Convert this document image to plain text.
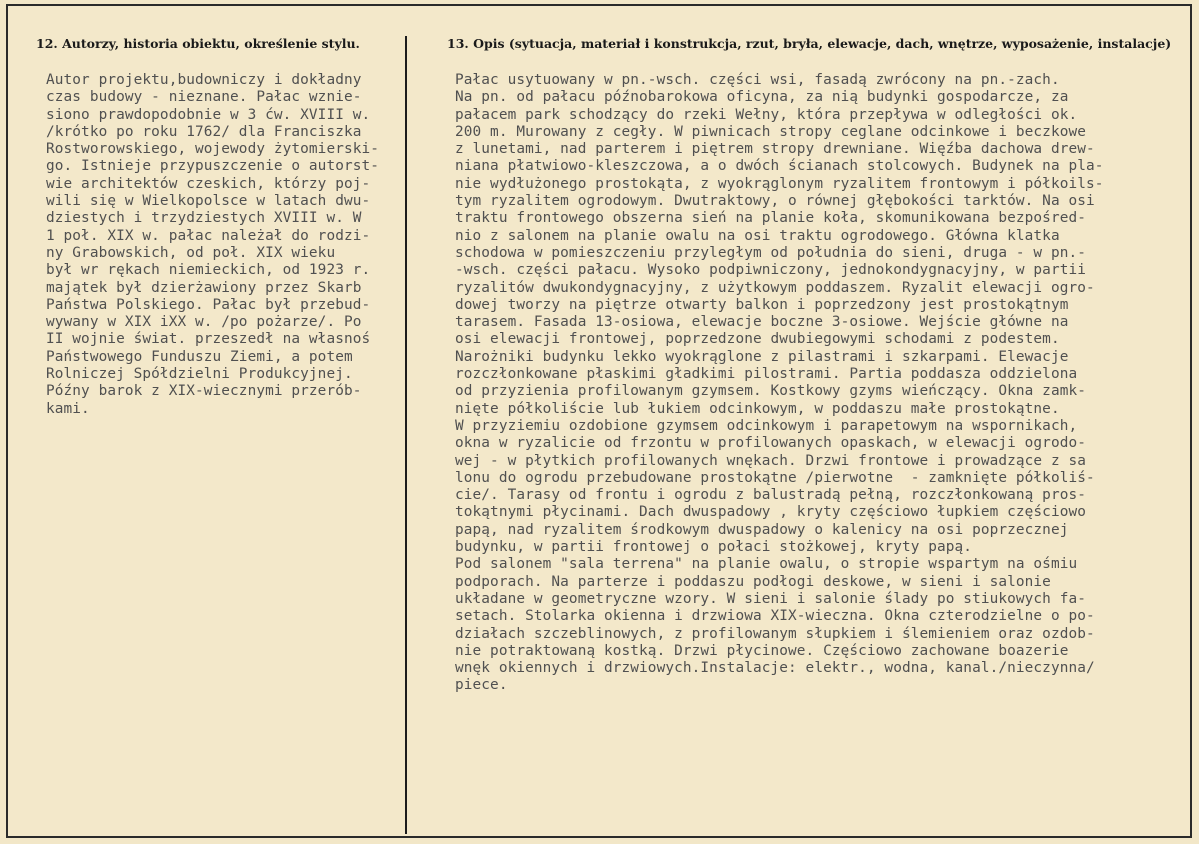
12. Autorzy, historia obiektu, określenie stylu.	13. Opis (sytuacja, materiał i konstrukcja, rzut, bryła, elewacje, dach, wnętrze, wyposażenie, instalacje)
Autor projektu,budowniczy i dokładny
czas budowy - nieznane. Pałac wznie-
siono prawdopodobnie w 3 ćw. XVIII w.
/krótko po roku 1762/ dla Franciszka
Rostworowskiego, wojewody żytomierski-
go. Istnieje przypuszczenie o autorst-
wie architektów czeskich, którzy poj-
wili się w Wielkopolsce w latach dwu-
dziestych i trzydziestych XVIII w. W
1 poł. XIX w. pałac należał do rodzi-
ny Grabowskich, od poł. XIX wieku
był wr rękach niemieckich, od 1923 r.
majątek był dzierżawiony przez Skarb
Państwa Polskiego. Pałac był przebud-
wywany w XIX iXX w. /po pożarze/. Po
II wojnie świat. przeszedł na własnoś
Państwowego Funduszu Ziemi, a potem
Rolniczej Spółdzielni Produkcyjnej.
Późny barok z XIX-wiecznymi przerób-
kami.
Pałac usytuowany w pn.-wsch. części wsi, fasadą zwrócony na pn.-zach.
Na pn. od pałacu późnobarokowa oficyna, za nią budynki gospodarcze, za
pałacem park schodzący do rzeki Wełny, która przepływa w odległości ok.
200 m. Murowany z cegły. W piwnicach stropy ceglane odcinkowe i beczkowe
z lunetami, nad parterem i piętrem stropy drewniane. Więźba dachowa drew-
niana płatwiowo-kleszczowa, a o dwóch ścianach stolcowych. Budynek na pla-
nie wydłużonego prostokąta, z wyokrąglonym ryzalitem frontowym i półkoils-
tym ryzalitem ogrodowym. Dwutraktowy, o równej głębokości tarktów. Na osi
traktu frontowego obszerna sień na planie koła, skomunikowana bezpośred-
nio z salonem na planie owalu na osi traktu ogrodowego. Główna klatka
schodowa w pomieszczeniu przyległym od południa do sieni, druga - w pn.-
-wsch. części pałacu. Wysoko podpiwniczony, jednokondygnacyjny, w partii
ryzalitów dwukondygnacyjny, z użytkowym poddaszem. Ryzalit elewacji ogro-
dowej tworzy na piętrze otwarty balkon i poprzedzony jest prostokątnym
tarasem. Fasada 13-osiowa, elewacje boczne 3-osiowe. Wejście główne na
osi elewacji frontowej, poprzedzone dwubiegowymi schodami z podestem.
Narożniki budynku lekko wyokrąglone z pilastrami i szkarpami. Elewacje
rozczłonkowane płaskimi gładkimi pilostrami. Partia poddasza oddzielona
od przyzienia profilowanym gzymsem. Kostkowy gzyms wieńczący. Okna zamk-
nięte półkoliście lub łukiem odcinkowym, w poddaszu małe prostokątne.
W przyziemiu ozdobione gzymsem odcinkowym i parapetowym na wspornikach,
okna w ryzalicie od frzontu w profilowanych opaskach, w elewacji ogrodo-
wej - w płytkich profilowanych wnękach. Drzwi frontowe i prowadzące z sa
lonu do ogrodu przebudowane prostokątne /pierwotne  - zamknięte półkoliś-
cie/. Tarasy od frontu i ogrodu z balustradą pełną, rozczłonkowaną pros-
tokątnymi płycinami. Dach dwuspadowy , kryty częściowo łupkiem częściowo
papą, nad ryzalitem środkowym dwuspadowy o kalenicy na osi poprzecznej
budynku, w partii frontowej o połaci stożkowej, kryty papą.
Pod salonem "sala terrena" na planie owalu, o stropie wspartym na ośmiu
podporach. Na parterze i poddaszu podłogi deskowe, w sieni i salonie
układane w geometryczne wzory. W sieni i salonie ślady po stiukowych fa-
setach. Stolarka okienna i drzwiowa XIX-wieczna. Okna czterodzielne o po-
działach szczeblinowych, z profilowanym słupkiem i ślemieniem oraz ozdob-
nie potraktowaną kostką. Drzwi płycinowe. Częściowo zachowane boazerie
wnęk okiennych i drzwiowych.Instalacje: elektr., wodna, kanal./nieczynna/
piece.
